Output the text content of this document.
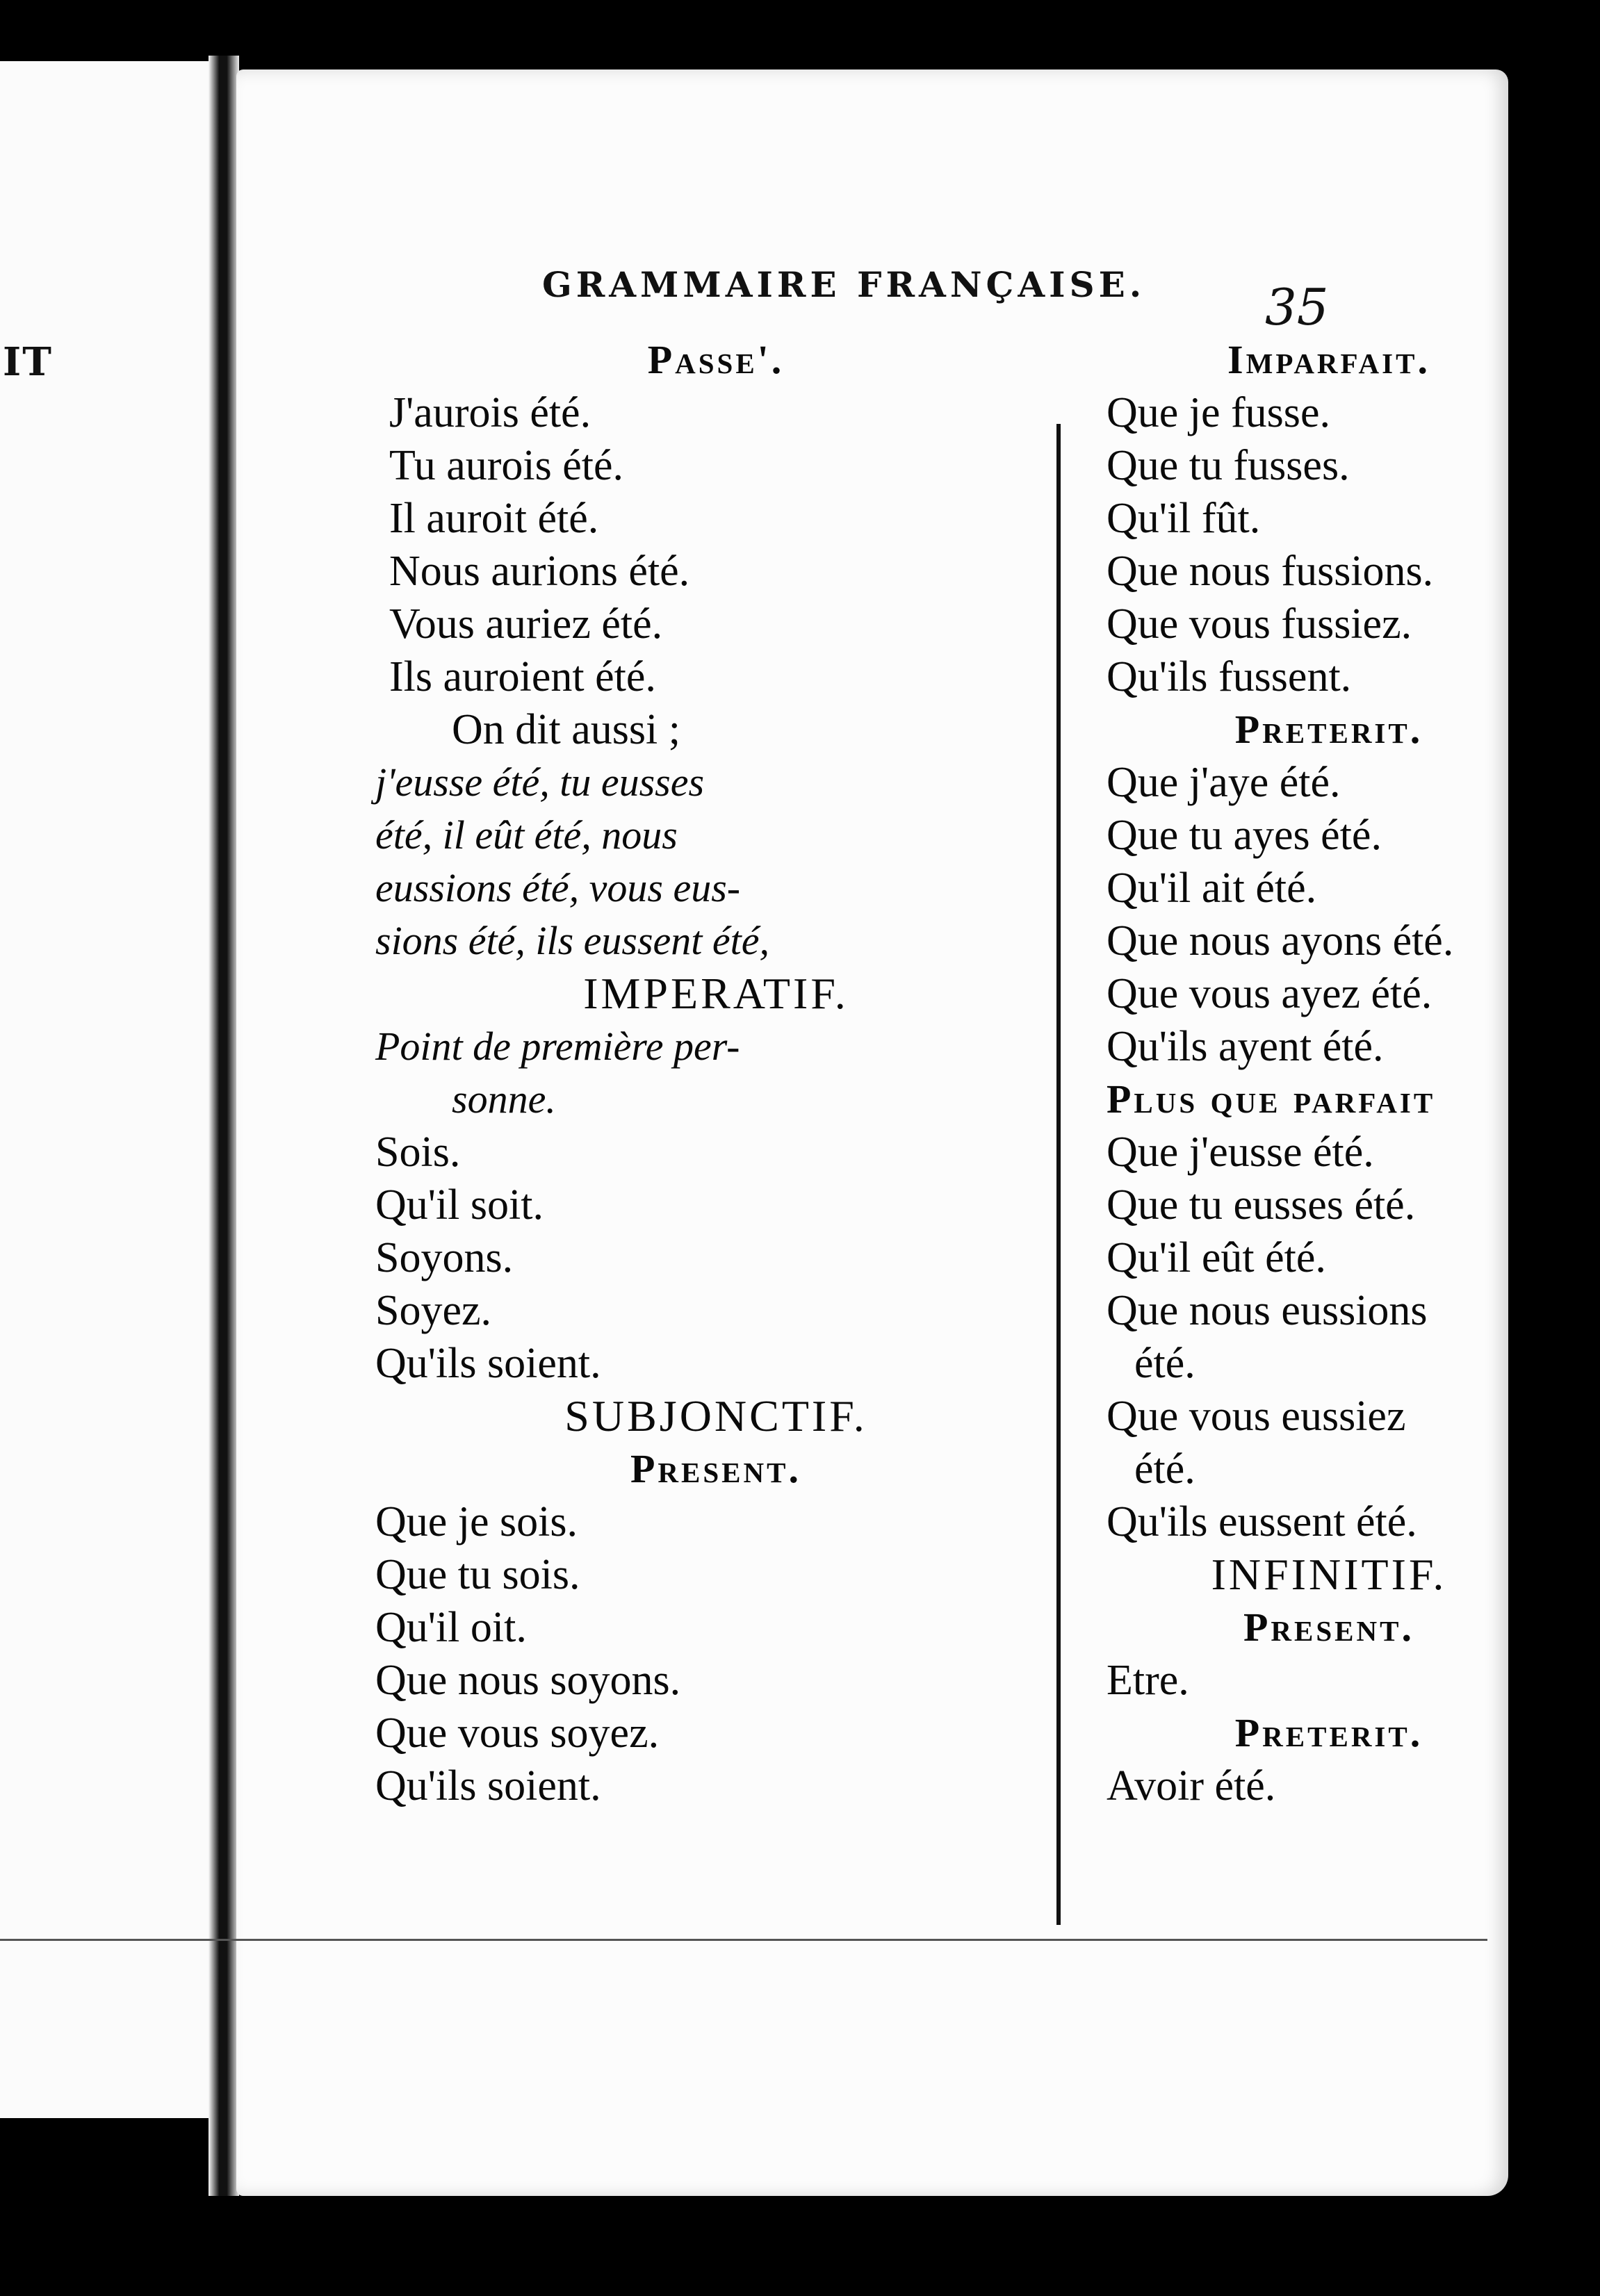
IT
GRAMMAIRE FRANÇAISE. 35
Passe'.
J'aurois été.
Tu aurois été.
Il auroit été.
Nous aurions été.
Vous auriez été.
Ils auroient été.
On dit aussi ;
j'eusse été, tu eusses
été, il eût été, nous
eussions été, vous eus-
sions été, ils eussent été,
IMPERATIF.
Point de première per-
sonne.
Sois.
Qu'il soit.
Soyons.
Soyez.
Qu'ils soient.
SUBJONCTIF.
Present.
Que je sois.
Que tu sois.
Qu'il oit.
Que nous soyons.
Que vous soyez.
Qu'ils soient.
Imparfait.
Que je fusse.
Que tu fusses.
Qu'il fût.
Que nous fussions.
Que vous fussiez.
Qu'ils fussent.
Preterit.
Que j'aye été.
Que tu ayes été.
Qu'il ait été.
Que nous ayons été.
Que vous ayez été.
Qu'ils ayent été.
Plus que parfait
Que j'eusse été.
Que tu eusses été.
Qu'il eût été.
Que nous eussions
été.
Que vous eussiez
été.
Qu'ils eussent été.
INFINITIF.
Present.
Etre.
Preterit.
Avoir été.
